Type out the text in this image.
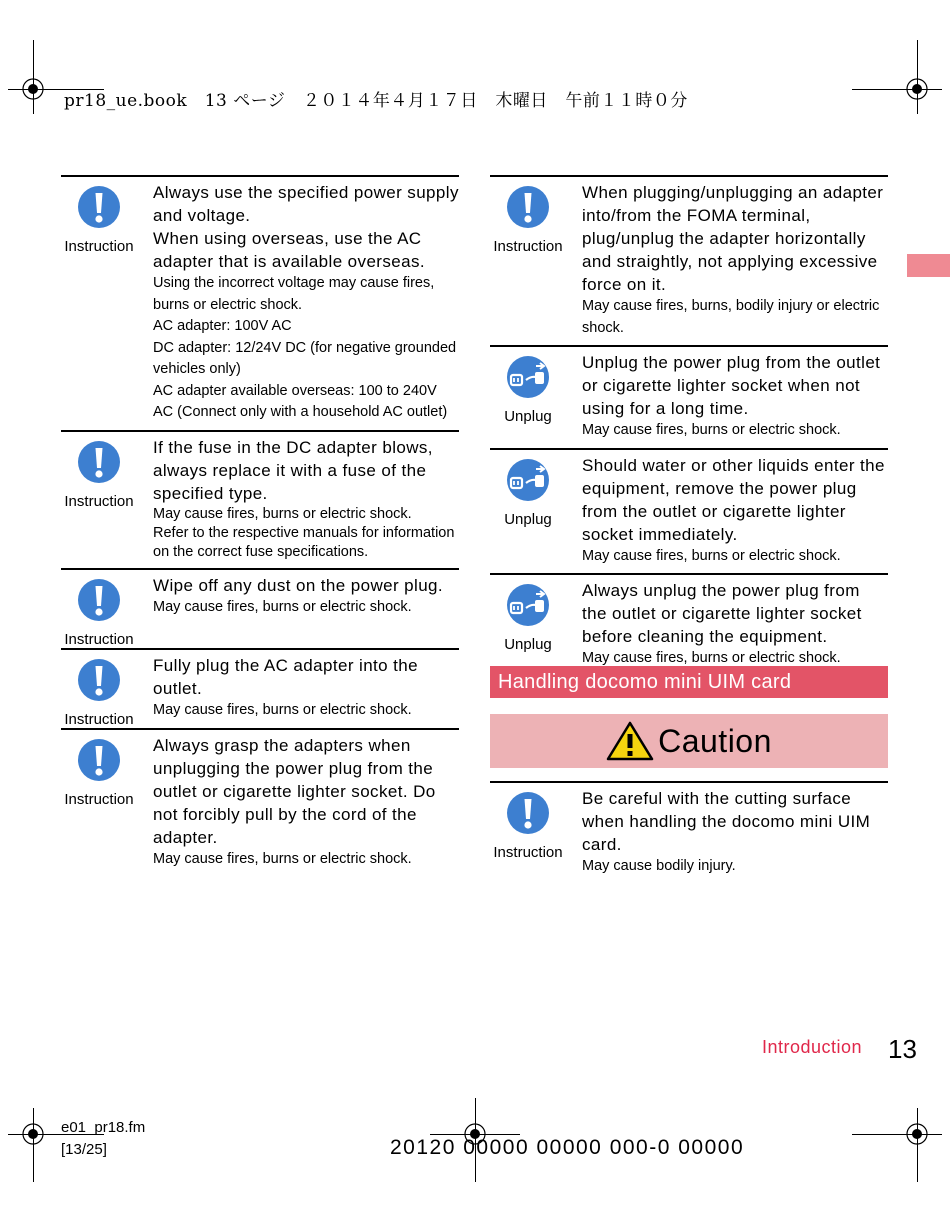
pr18_ue.book　13 ページ　２０１４年４月１７日　木曜日　午前１１時０分
Instruction
Always use the specified power supply and voltage.
When using overseas, use the AC adapter that is available overseas.
Using the incorrect voltage may cause fires, burns or electric shock.
AC adapter: 100V AC
DC adapter: 12/24V DC (for negative grounded vehicles only)
AC adapter available overseas: 100 to 240V AC (Connect only with a household AC outlet)
Instruction
If the fuse in the DC adapter blows, always replace it with a fuse of the specified type.
May cause fires, burns or electric shock.
Refer to the respective manuals for information on the correct fuse specifications.
Instruction
Wipe off any dust on the power plug.
May cause fires, burns or electric shock.
Instruction
Fully plug the AC adapter into the outlet.
May cause fires, burns or electric shock.
Instruction
Always grasp the adapters when unplugging the power plug from the outlet or cigarette lighter socket. Do not forcibly pull by the cord of the adapter.
May cause fires, burns or electric shock.
Instruction
When plugging/unplugging an adapter into/from the FOMA terminal, plug/unplug the adapter horizontally and straightly, not applying excessive force on it.
May cause fires, burns, bodily injury or electric shock.
Unplug
Unplug the power plug from the outlet or cigarette lighter socket when not using for a long time.
May cause fires, burns or electric shock.
Unplug
Should water or other liquids enter the equipment, remove the power plug from the outlet or cigarette lighter socket immediately.
May cause fires, burns or electric shock.
Unplug
Always unplug the power plug from the outlet or cigarette lighter socket before cleaning the equipment.
May cause fires, burns or electric shock.
Handling docomo mini UIM card
Caution
Instruction
Be careful with the cutting surface when handling the docomo mini UIM card.
May cause bodily injury.
Introduction 13
e01_pr18.fm
[13/25]	20120 00000 00000 000-0 00000
